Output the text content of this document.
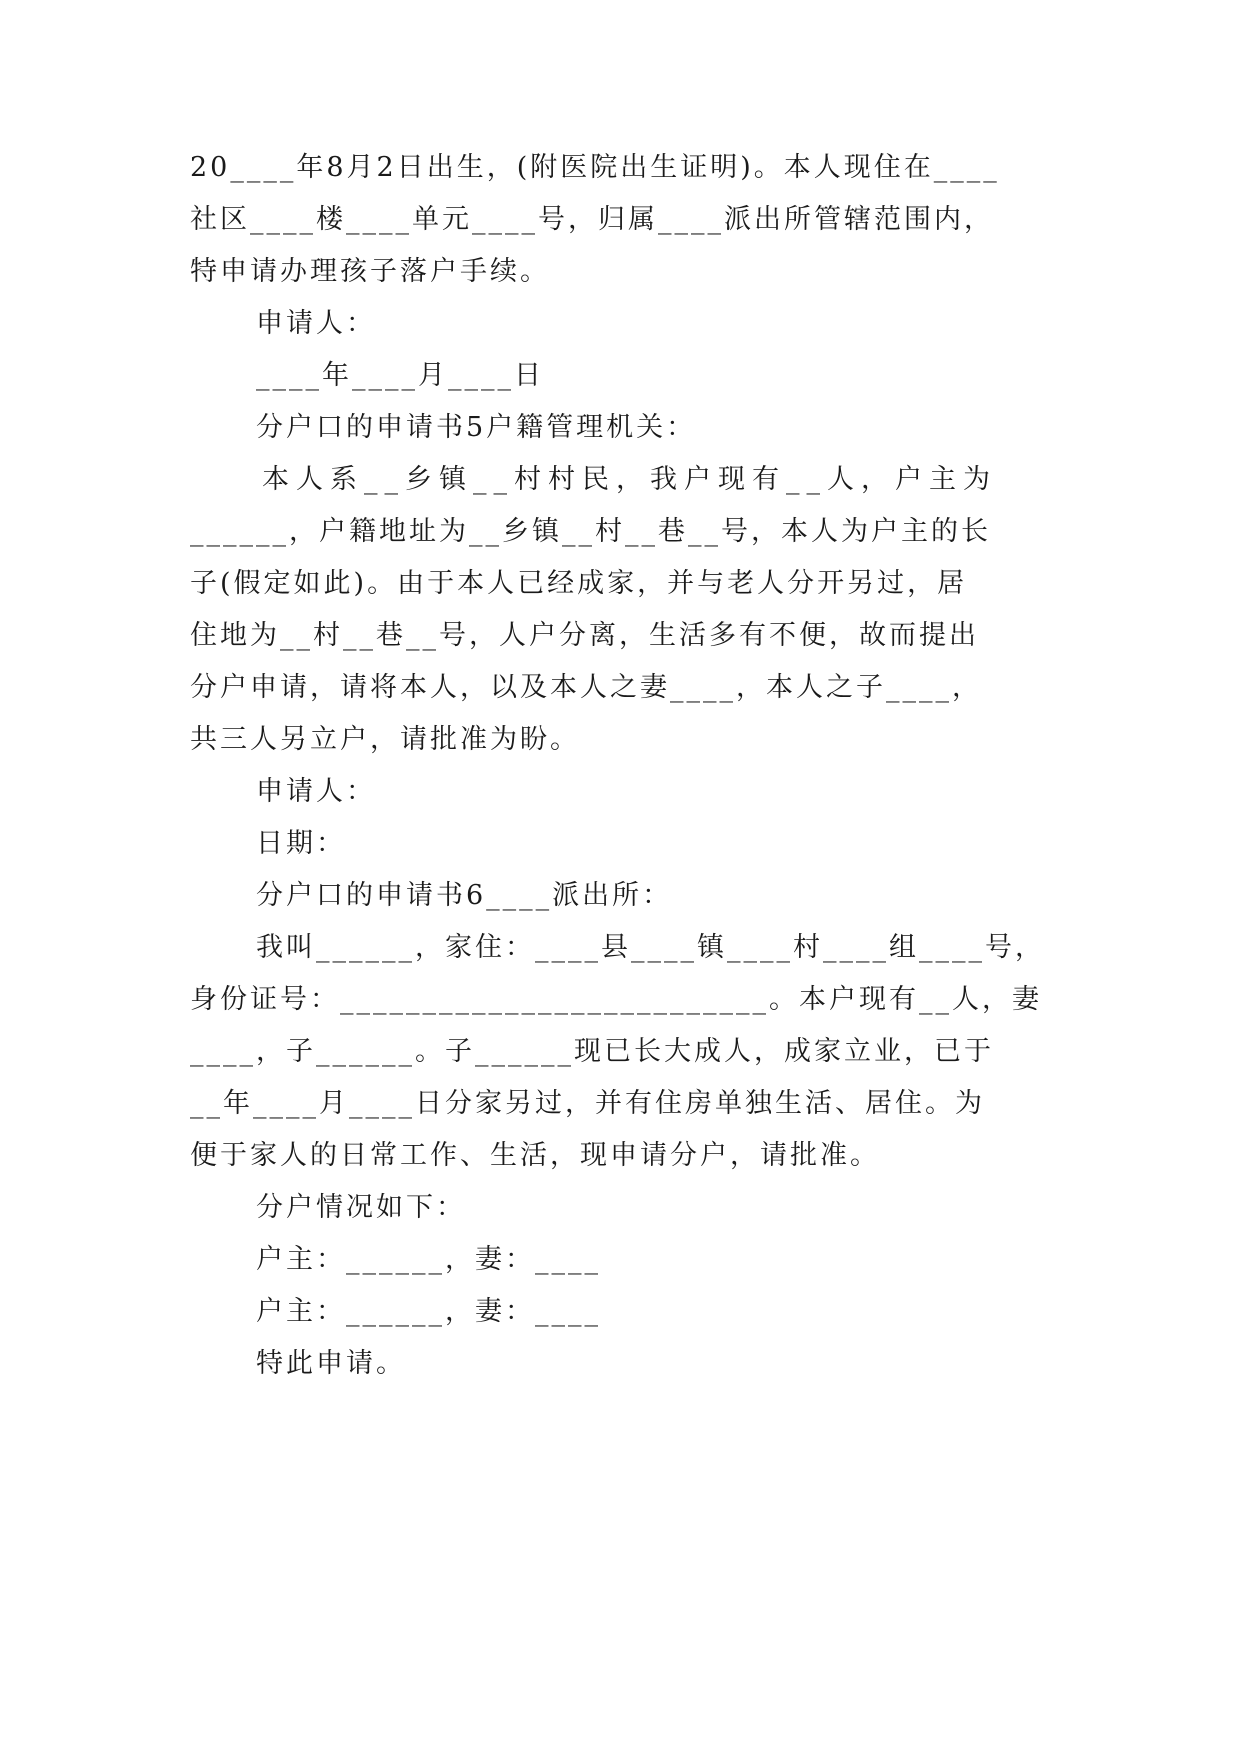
20____年8月2日出生，(附医院出生证明)。本人现住在____
社区____楼____单元____号，归属____派出所管辖范围内，
特申请办理孩子落户手续。
申请人：
____年____月____日
分户口的申请书5户籍管理机关：
本人系__乡镇__村村民，我户现有__人，户主为
______，户籍地址为__乡镇__村__巷__号，本人为户主的长
子(假定如此)。由于本人已经成家，并与老人分开另过，居
住地为__村__巷__号，人户分离，生活多有不便，故而提出
分户申请，请将本人，以及本人之妻____，本人之子____，
共三人另立户，请批准为盼。
申请人：
日期：
分户口的申请书6____派出所：
我叫______，家住：____县____镇____村____组____号，
身份证号：__________________________。本户现有__人，妻
____，子______。子______现已长大成人，成家立业，已于
__年____月____日分家另过，并有住房单独生活、居住。为
便于家人的日常工作、生活，现申请分户，请批准。
分户情况如下：
户主：______，妻：____
户主：______，妻：____
特此申请。
